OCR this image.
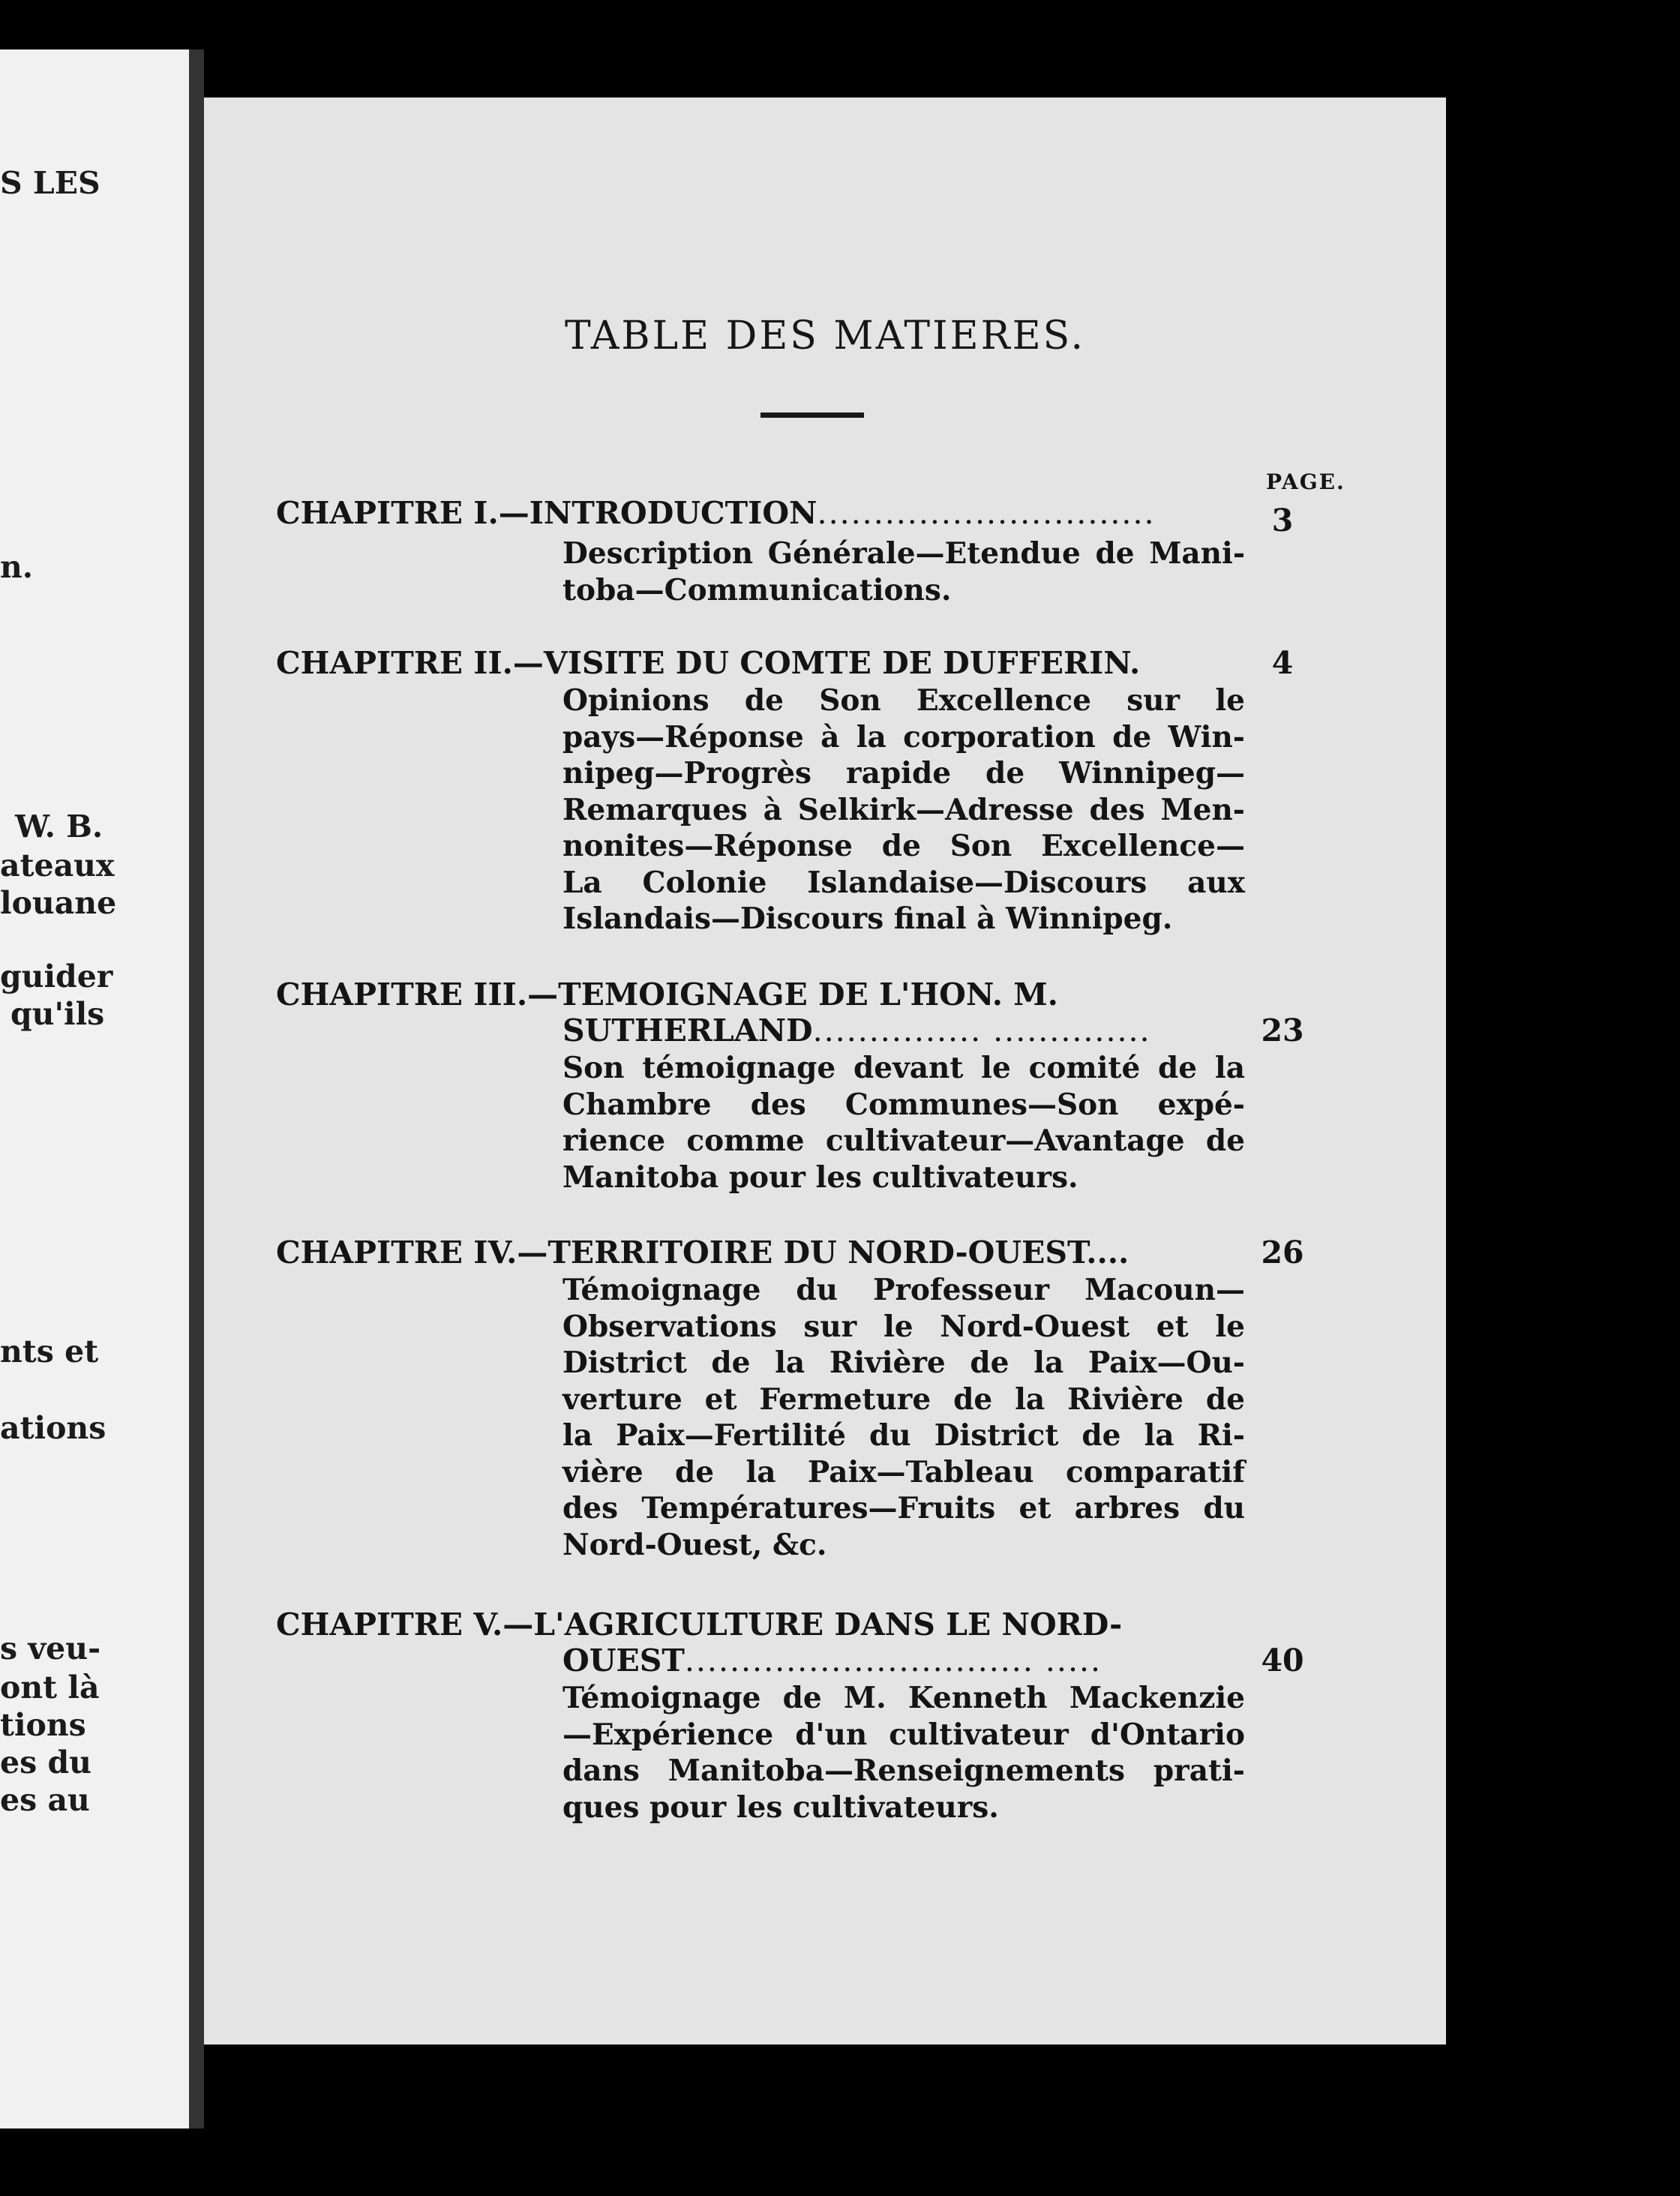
S LES
n.
W. B.
ateaux
louane
guider
qu'ils
nts et
ations
s veu-
ont là
tions
es du
es au
TABLE DES MATIERES.
PAGE.
CHAPITRE I.—INTRODUCTION..............................	3
Description Générale—Etendue de Mani-
toba—Communications.
CHAPITRE II.—VISITE DU COMTE DE DUFFERIN.	4
Opinions de Son Excellence sur le
pays—Réponse à la corporation de Win-
nipeg—Progrès rapide de Winnipeg—
Remarques à Selkirk—Adresse des Men-
nonites—Réponse de Son Excellence—
La Colonie Islandaise—Discours aux
Islandais—Discours final à Winnipeg.
CHAPITRE III.—TEMOIGNAGE DE L'HON. M.
SUTHERLAND............... ..............	23
Son témoignage devant le comité de la
Chambre des Communes—Son expé-
rience comme cultivateur—Avantage de
Manitoba pour les cultivateurs.
CHAPITRE IV.—TERRITOIRE DU NORD-OUEST....	26
Témoignage du Professeur Macoun—
Observations sur le Nord-Ouest et le
District de la Rivière de la Paix—Ou-
verture et Fermeture de la Rivière de
la Paix—Fertilité du District de la Ri-
vière de la Paix—Tableau comparatif
des Températures—Fruits et arbres du
Nord-Ouest, &c.
CHAPITRE V.—L'AGRICULTURE DANS LE NORD-
OUEST............................... .....	40
Témoignage de M. Kenneth Mackenzie
—Expérience d'un cultivateur d'Ontario
dans Manitoba—Renseignements prati-
ques pour les cultivateurs.
